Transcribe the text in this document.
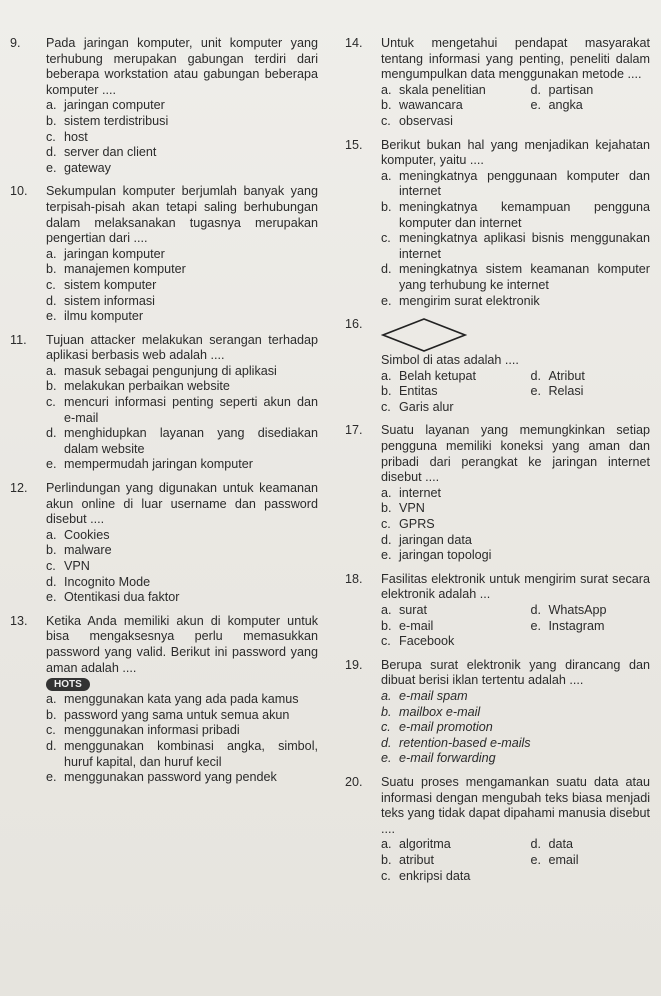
9.	Pada jaringan komputer, unit komputer yang terhubung merupakan gabungan terdiri dari beberapa workstation atau gabungan beberapa komputer ....
a. jaringan computer
b. sistem terdistribusi
c. host
d. server dan client
e. gateway
10.	Sekumpulan komputer berjumlah banyak yang terpisah-pisah akan tetapi saling berhubungan dalam melaksanakan tugasnya merupakan pengertian dari ....
a. jaringan komputer
b. manajemen komputer
c. sistem komputer
d. sistem informasi
e. ilmu komputer
11.	Tujuan attacker melakukan serangan terhadap aplikasi berbasis web adalah ....
a. masuk sebagai pengunjung di aplikasi
b. melakukan perbaikan website
c. mencuri informasi penting seperti akun dan e-mail
d. menghidupkan layanan yang disediakan dalam website
e. mempermudah jaringan komputer
12.	Perlindungan yang digunakan untuk keamanan akun online di luar username dan password disebut ....
a. Cookies
b. malware
c. VPN
d. Incognito Mode
e. Otentikasi dua faktor
13.	Ketika Anda memiliki akun di komputer untuk bisa mengaksesnya perlu memasukkan password yang valid. Berikut ini password yang aman adalah ....
HOTS
a. menggunakan kata yang ada pada kamus
b. password yang sama untuk semua akun
c. menggunakan informasi pribadi
d. menggunakan kombinasi angka, simbol, huruf kapital, dan huruf kecil
e. menggunakan password yang pendek
14.	Untuk mengetahui pendapat masyarakat tentang informasi yang penting, peneliti dalam mengumpulkan data menggunakan metode ....
a. skala penelitian	d. partisan
b. wawancara	e. angka
c. observasi
15.	Berikut bukan hal yang menjadikan kejahatan komputer, yaitu ....
a. meningkatnya penggunaan komputer dan internet
b. meningkatnya kemampuan pengguna komputer dan internet
c. meningkatnya aplikasi bisnis menggunakan internet
d. meningkatnya sistem keamanan komputer yang terhubung ke internet
e. mengirim surat elektronik
16.
Simbol di atas adalah ....
a. Belah ketupat	d. Atribut
b. Entitas	e. Relasi
c. Garis alur
17.	Suatu layanan yang memungkinkan setiap pengguna memiliki koneksi yang aman dan pribadi dari perangkat ke jaringan internet disebut ....
a. internet
b. VPN
c. GPRS
d. jaringan data
e. jaringan topologi
18.	Fasilitas elektronik untuk mengirim surat secara elektronik adalah ...
a. surat	d. WhatsApp
b. e-mail	e. Instagram
c. Facebook
19.	Berupa surat elektronik yang dirancang dan dibuat berisi iklan tertentu adalah ....
a. e-mail spam
b. mailbox e-mail
c. e-mail promotion
d. retention-based e-mails
e. e-mail forwarding
20.	Suatu proses mengamankan suatu data atau informasi dengan mengubah teks biasa menjadi teks yang tidak dapat dipahami manusia disebut ....
a. algoritma	d. data
b. atribut	e. email
c. enkripsi data
